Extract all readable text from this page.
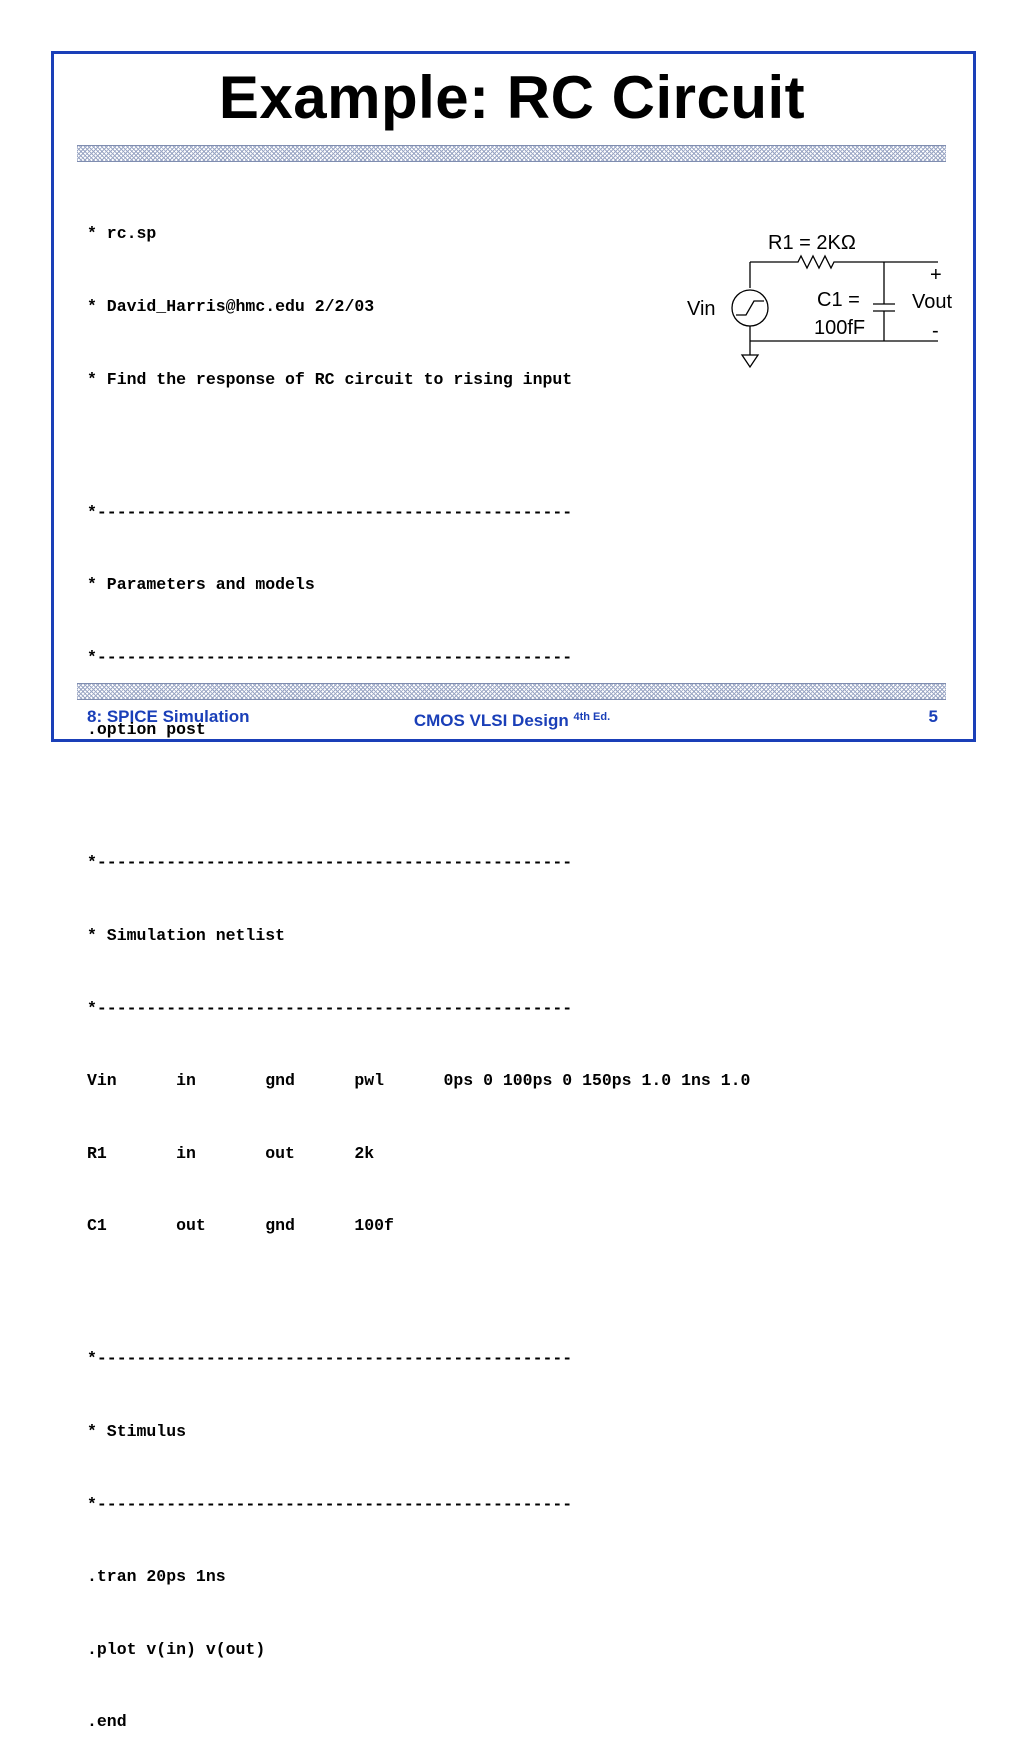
Example: RC Circuit

* rc.sp

* David_Harris@hmc.edu 2/2/03

* Find the response of RC circuit to rising input

*------------------------------------------------

* Parameters and models

*------------------------------------------------

.option post

*------------------------------------------------

* Simulation netlist

*------------------------------------------------

Vin      in       gnd      pwl      0ps 0 100ps 0 150ps 1.0 1ns 1.0

R1       in       out      2k

C1       out      gnd      100f

*------------------------------------------------

* Stimulus

*------------------------------------------------

.tran 20ps 1ns

.plot v(in) v(out)

.end

R1 = 2KΩ
Vin	C1 =
100fF
+
Vout
-
8: SPICE Simulation	CMOS VLSI Design $^{4th Ed.}$	5
